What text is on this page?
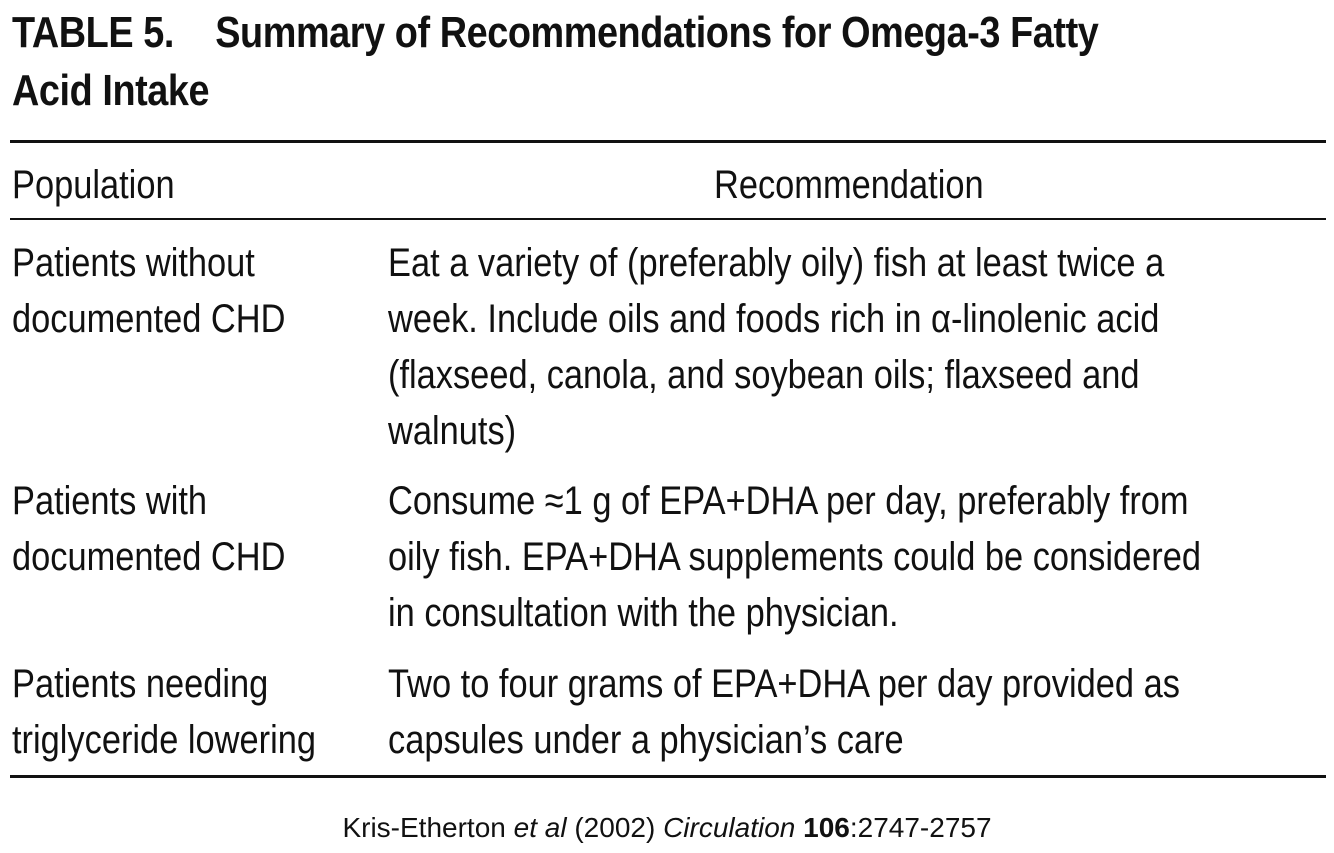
TABLE 5. Summary of Recommendations for Omega-3 Fatty
Acid Intake
Population	Recommendation
Patients without
documented CHD
Eat a variety of (preferably oily) fish at least twice a
week. Include oils and foods rich in α-linolenic acid
(flaxseed, canola, and soybean oils; flaxseed and
walnuts)
Patients with
documented CHD
Consume ≈1 g of EPA+DHA per day, preferably from
oily fish. EPA+DHA supplements could be considered
in consultation with the physician.
Patients needing
triglyceride lowering
Two to four grams of EPA+DHA per day provided as
capsules under a physician’s care
Kris-Etherton et al (2002) Circulation 106:2747-2757
